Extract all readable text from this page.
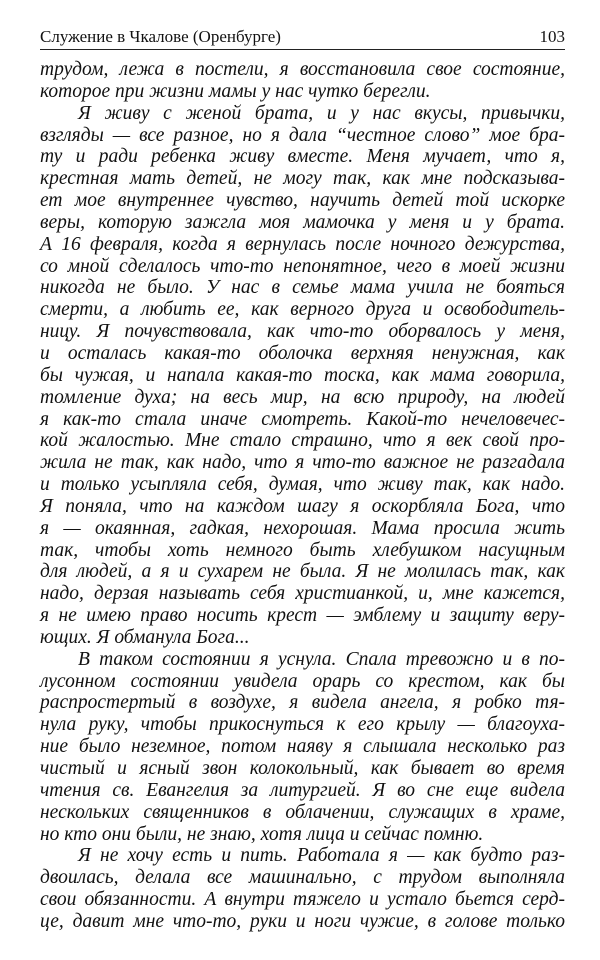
Служение в Чкалове (Оренбурге)	103
трудом, лежа в постели, я восстановила свое состояние,
которое при жизни мамы у нас чутко берегли.
Я живу с женой брата, и у нас вкусы, привычки,
взгляды — все разное, но я дала “честное слово” мое бра-
ту и ради ребенка живу вместе. Меня мучает, что я,
крестная мать детей, не могу так, как мне подсказыва-
ет мое внутреннее чувство, научить детей той искорке
веры, которую зажгла моя мамочка у меня и у брата.
А 16 февраля, когда я вернулась после ночного дежурства,
со мной сделалось что-то непонятное, чего в моей жизни
никогда не было. У нас в семье мама учила не бояться
смерти, а любить ее, как верного друга и освободитель-
ницу. Я почувствовала, как что-то оборвалось у меня,
и осталась какая-то оболочка верхняя ненужная, как
бы чужая, и напала какая-то тоска, как мама говорила,
томление духа; на весь мир, на всю природу, на людей
я как-то стала иначе смотреть. Какой-то нечеловечес-
кой жалостью. Мне стало страшно, что я век свой про-
жила не так, как надо, что я что-то важное не разгадала
и только усыпляла себя, думая, что живу так, как надо.
Я поняла, что на каждом шагу я оскорбляла Бога, что
я — окаянная, гадкая, нехорошая. Мама просила жить
так, чтобы хоть немного быть хлебушком насущным
для людей, а я и сухарем не была. Я не молилась так, как
надо, дерзая называть себя христианкой, и, мне кажется,
я не имею право носить крест — эмблему и защиту веру-
ющих. Я обманула Бога...
В таком состоянии я уснула. Спала тревожно и в по-
лусонном состоянии увидела орарь со крестом, как бы
распростертый в воздухе, я видела ангела, я робко тя-
нула руку, чтобы прикоснуться к его крылу — благоуха-
ние было неземное, потом наяву я слышала несколько раз
чистый и ясный звон колокольный, как бывает во время
чтения св. Евангелия за литургией. Я во сне еще видела
нескольких священников в облачении, служащих в храме,
но кто они были, не знаю, хотя лица и сейчас помню.
Я не хочу есть и пить. Работала я — как будто раз-
двоилась, делала все машинально, с трудом выполняла
свои обязанности. А внутри тяжело и устало бьется серд-
це, давит мне что-то, руки и ноги чужие, в голове только
